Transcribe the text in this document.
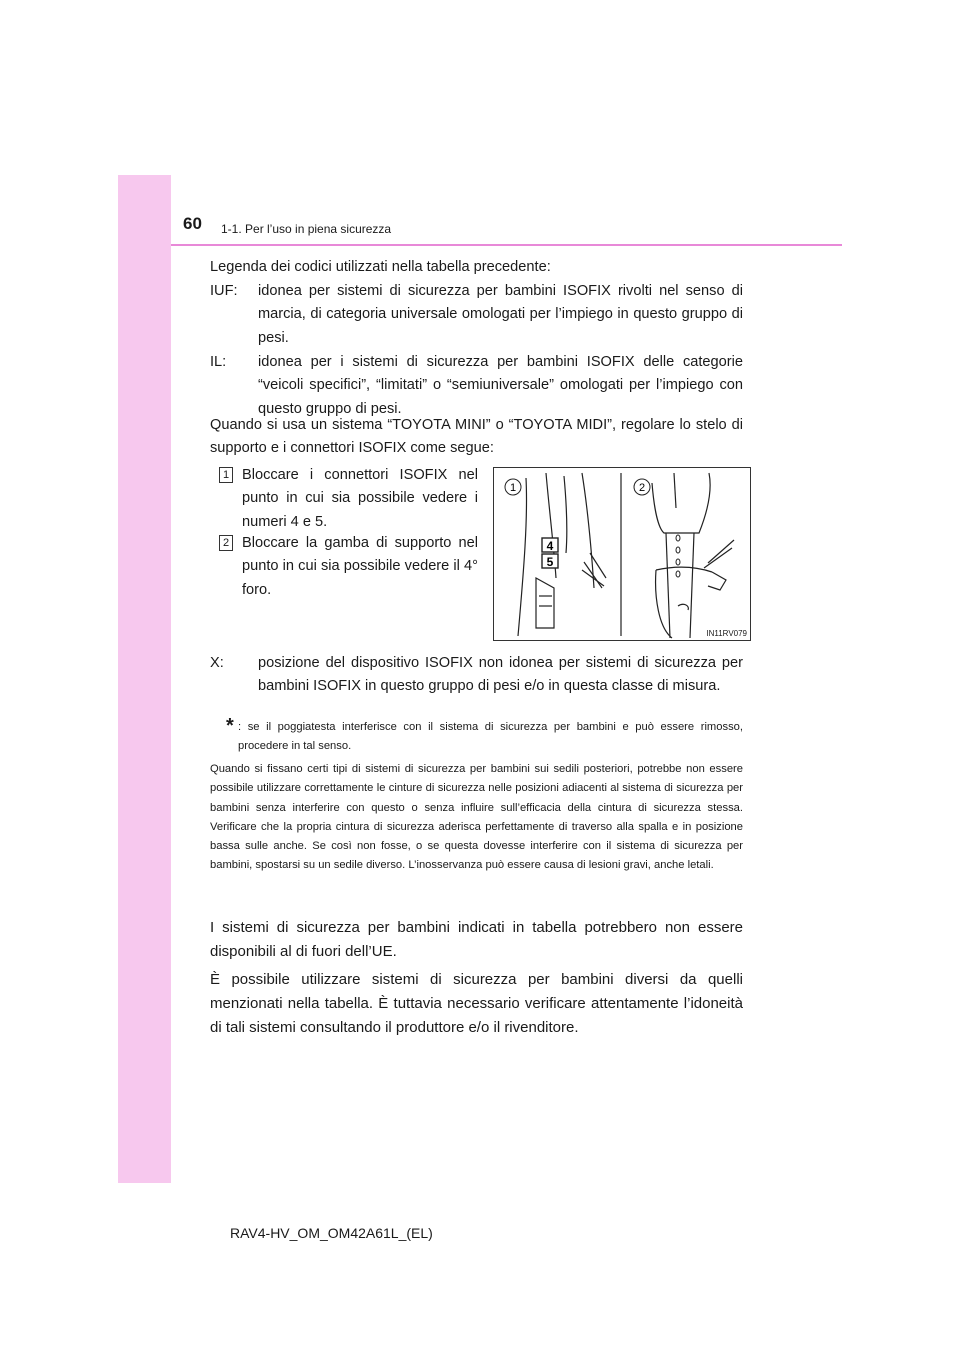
60 1-1. Per l’uso in piena sicurezza
Legenda dei codici utilizzati nella tabella precedente:
IUF: idonea per sistemi di sicurezza per bambini ISOFIX rivolti nel senso di marcia, di categoria universale omologati per l’impiego in questo gruppo di pesi.
IL: idonea per i sistemi di sicurezza per bambini ISOFIX delle categorie “veicoli specifici”, “limitati” o “semiuniversale” omologati per l’impiego con questo gruppo di pesi.
Quando si usa un sistema “TOYOTA MINI” o “TOYOTA MIDI”, regolare lo stelo di supporto e i connettori ISOFIX come segue:
1 Bloccare i connettori ISOFIX nel punto in cui sia possibile vedere i numeri 4 e 5.
2 Bloccare la gamba di supporto nel punto in cui sia possibile vedere il 4° foro.
4
5
1	2
IN11RV079
X: posizione del dispositivo ISOFIX non idonea per sistemi di sicurezza per bambini ISOFIX in questo gruppo di pesi e/o in questa classe di misura.
* : se il poggiatesta interferisce con il sistema di sicurezza per bambini e può essere rimosso, procedere in tal senso.
Quando si fissano certi tipi di sistemi di sicurezza per bambini sui sedili posteriori, potrebbe non essere possibile utilizzare correttamente le cinture di sicurezza nelle posizioni adiacenti al sistema di sicurezza per bambini senza interferire con questo o senza influire sull’efficacia della cintura di sicurezza stessa. Verificare che la propria cintura di sicurezza aderisca perfettamente di traverso alla spalla e in posizione bassa sulle anche. Se così non fosse, o se questa dovesse interferire con il sistema di sicurezza per bambini, spostarsi su un sedile diverso. L’inosservanza può essere causa di lesioni gravi, anche letali.
I sistemi di sicurezza per bambini indicati in tabella potrebbero non essere disponibili al di fuori dell’UE.
È possibile utilizzare sistemi di sicurezza per bambini diversi da quelli menzionati nella tabella. È tuttavia necessario verificare attentamente l’idoneità di tali sistemi consultando il produttore e/o il rivenditore.
RAV4-HV_OM_OM42A61L_(EL)
